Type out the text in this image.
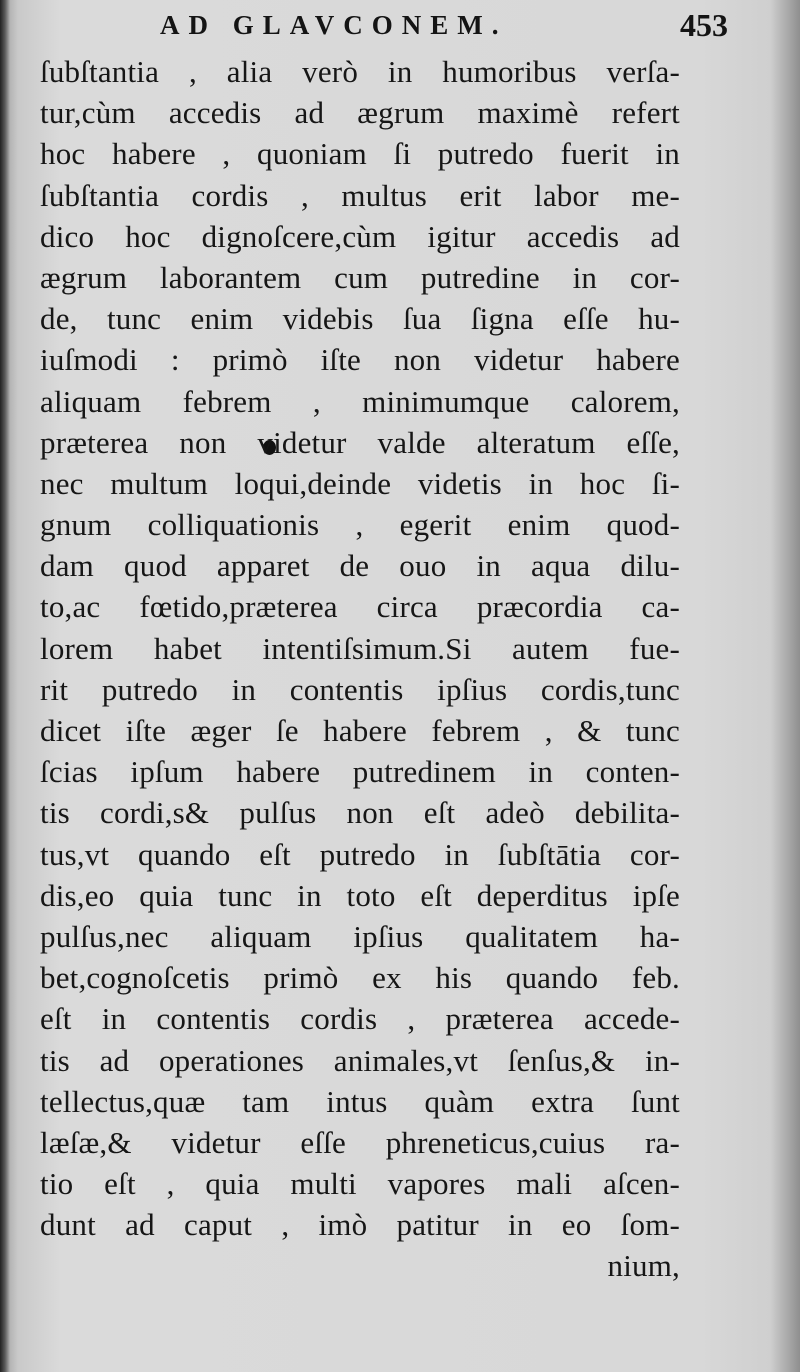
AD GLAVCONEM.	453
ſubſtantia , alia verò in humoribus verſa-
tur,cùm accedis ad ægrum maximè refert
hoc habere , quoniam ſi putredo fuerit in
ſubſtantia cordis , multus erit labor me-
dico hoc dignoſcere,cùm igitur accedis ad
ægrum laborantem cum putredine in cor-
de, tunc enim videbis ſua ſigna eſſe hu-
iuſmodi : primò iſte non videtur habere
aliquam febrem , minimumque calorem,
prætereа non videtur valde alteratum eſſe,
nec multum loqui,deinde videtis in hoc ſi-
gnum colliquationis , egerit enim quod-
dam quod apparet de ouo in aqua dilu-
to,ac fœtido,prætereа circa præcordia ca-
lorem habet intentiſsimum.Si autem fue-
rit putredo in contentis ipſius cordis,tunc
dicet iſte æger ſe habere febrem , & tunc
ſcias ipſum habere putredinem in conten-
tis cordi,s& pulſus non eſt adeò debilita-
tus,vt quando eſt putredo in ſubſtātia cor-
dis,eo quia tunc in toto eſt deperditus ipſe
pulſus,nec aliquam ipſius qualitatem ha-
bet,cognoſcetis primò ex his quando feb.
eſt in contentis cordis , prætereа accede-
tis ad operationes animales,vt ſenſus,& in-
tellectus,quæ tam intus quàm extra ſunt
læſæ,& videtur eſſe phreneticus,cuius ra-
tio eſt , quia multi vapores mali aſcen-
dunt ad caput , imò patitur in eo ſom-
nium,
